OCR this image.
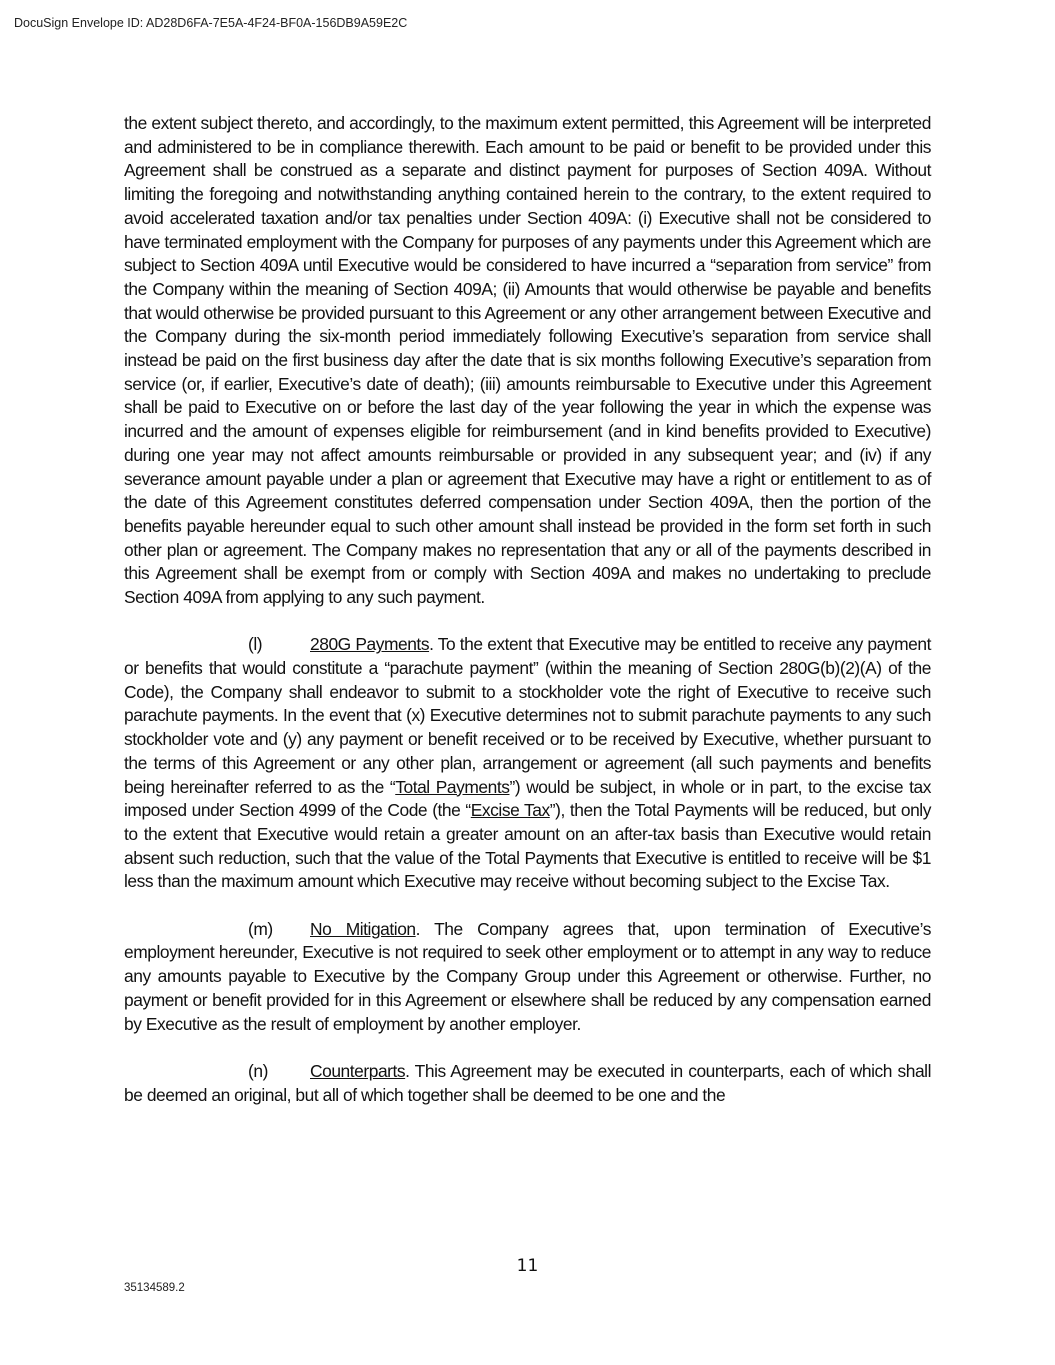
DocuSign Envelope ID: AD28D6FA-7E5A-4F24-BF0A-156DB9A59E2C

the extent subject thereto, and accordingly, to the maximum extent permitted, this Agreement will be interpreted and administered to be in compliance therewith. Each amount to be paid or benefit to be provided under this Agreement shall be construed as a separate and distinct payment for purposes of Section 409A. Without limiting the foregoing and notwithstanding anything contained herein to the contrary, to the extent required to avoid accelerated taxation and/or tax penalties under Section 409A: (i) Executive shall not be considered to have terminated employment with the Company for purposes of any payments under this Agreement which are subject to Section 409A until Executive would be considered to have incurred a “separation from service” from the Company within the meaning of Section 409A; (ii) Amounts that would otherwise be payable and benefits that would otherwise be provided pursuant to this Agreement or any other arrangement between Executive and the Company during the six-month period immediately following Executive’s separation from service shall instead be paid on the first business day after the date that is six months following Executive’s separation from service (or, if earlier, Executive’s date of death); (iii) amounts reimbursable to Executive under this Agreement shall be paid to Executive on or before the last day of the year following the year in which the expense was incurred and the amount of expenses eligible for reimbursement (and in kind benefits provided to Executive) during one year may not affect amounts reimbursable or provided in any subsequent year; and (iv) if any severance amount payable under a plan or agreement that Executive may have a right or entitlement to as of the date of this Agreement constitutes deferred compensation under Section 409A, then the portion of the benefits payable hereunder equal to such other amount shall instead be provided in the form set forth in such other plan or agreement. The Company makes no representation that any or all of the payments described in this Agreement shall be exempt from or comply with Section 409A and makes no undertaking to preclude Section 409A from applying to any such payment.

(l)	280G Payments. To the extent that Executive may be entitled to receive any payment or benefits that would constitute a “parachute payment” (within the meaning of Section 280G(b)(2)(A) of the Code), the Company shall endeavor to submit to a stockholder vote the right of Executive to receive such parachute payments. In the event that (x) Executive determines not to submit parachute payments to any such stockholder vote and (y) any payment or benefit received or to be received by Executive, whether pursuant to the terms of this Agreement or any other plan, arrangement or agreement (all such payments and benefits being hereinafter referred to as the “Total Payments”) would be subject, in whole or in part, to the excise tax imposed under Section 4999 of the Code (the “Excise Tax”), then the Total Payments will be reduced, but only to the extent that Executive would retain a greater amount on an after-tax basis than Executive would retain absent such reduction, such that the value of the Total Payments that Executive is entitled to receive will be $1 less than the maximum amount which Executive may receive without becoming subject to the Excise Tax.

(m) No Mitigation. The Company agrees that, upon termination of Executive’s employment hereunder, Executive is not required to seek other employment or to attempt in any way to reduce any amounts payable to Executive by the Company Group under this Agreement or otherwise. Further, no payment or benefit provided for in this Agreement or elsewhere shall be reduced by any compensation earned by Executive as the result of employment by another employer.

(n) Counterparts. This Agreement may be executed in counterparts, each of which shall be deemed an original, but all of which together shall be deemed to be one and the

11
35134589.2
